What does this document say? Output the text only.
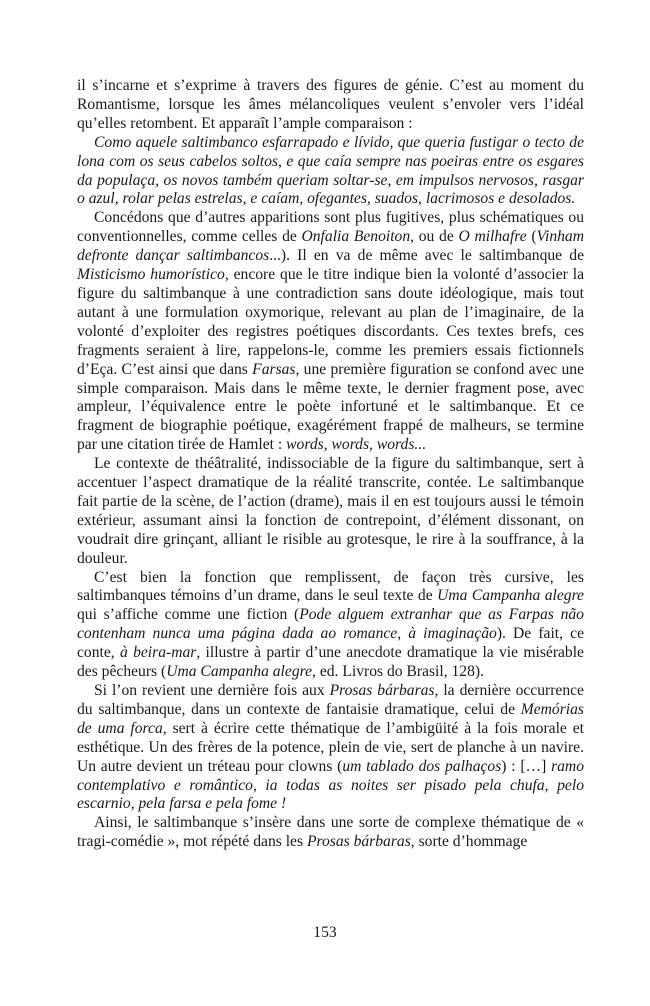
il s’incarne et s’exprime à travers des figures de génie. C’est au moment du Romantisme, lorsque les âmes mélancoliques veulent s’envoler vers l’idéal qu’elles retombent. Et apparaît l’ample comparaison :

Como aquele saltimbanco esfarrapado e lívido, que queria fustigar o tecto de lona com os seus cabelos soltos, e que caía sempre nas poeiras entre os esgares da populaça, os novos também queriam soltar-se, em impulsos nervosos, rasgar o azul, rolar pelas estrelas, e caíam, ofegantes, suados, lacrimosos e desolados.

Concédons que d’autres apparitions sont plus fugitives, plus schématiques ou conventionnelles, comme celles de Onfalia Benoiton, ou de O milhafre (Vinham defronte dançar saltimbancos...). Il en va de même avec le saltimbanque de Misticismo humorístico, encore que le titre indique bien la volonté d’associer la figure du saltimbanque à une contradiction sans doute idéologique, mais tout autant à une formulation oxymorique, relevant au plan de l’imaginaire, de la volonté d’exploiter des registres poétiques discordants. Ces textes brefs, ces fragments seraient à lire, rappelons-le, comme les premiers essais fictionnels d’Eça. C’est ainsi que dans Farsas, une première figuration se confond avec une simple comparaison. Mais dans le même texte, le dernier fragment pose, avec ampleur, l’équivalence entre le poète infortuné et le saltimbanque. Et ce fragment de biographie poétique, exagérément frappé de malheurs, se termine par une citation tirée de Hamlet : words, words, words...

Le contexte de théâtralité, indissociable de la figure du saltimbanque, sert à accentuer l’aspect dramatique de la réalité transcrite, contée. Le saltimbanque fait partie de la scène, de l’action (drame), mais il en est toujours aussi le témoin extérieur, assumant ainsi la fonction de contrepoint, d’élément dissonant, on voudrait dire grinçant, alliant le risible au grotesque, le rire à la souffrance, à la douleur.

C’est bien la fonction que remplissent, de façon très cursive, les saltimbanques témoins d’un drame, dans le seul texte de Uma Campanha alegre qui s’affiche comme une fiction (Pode alguem extranhar que as Farpas não contenham nunca uma página dada ao romance, à imaginação). De fait, ce conte, à beira-mar, illustre à partir d’une anecdote dramatique la vie misérable des pêcheurs (Uma Campanha alegre, ed. Livros do Brasil, 128).

Si l’on revient une dernière fois aux Prosas bárbaras, la dernière occurrence du saltimbanque, dans un contexte de fantaisie dramatique, celui de Memórias de uma forca, sert à écrire cette thématique de l’ambigüité à la fois morale et esthétique. Un des frères de la potence, plein de vie, sert de planche à un navire. Un autre devient un tréteau pour clowns (um tablado dos palhaços) : […] ramo contemplativo e romântico, ia todas as noites ser pisado pela chufa, pelo escarnio, pela farsa e pela fome !

Ainsi, le saltimbanque s’insère dans une sorte de complexe thématique de « tragi-comédie », mot répété dans les Prosas bárbaras, sorte d’hommage

153
